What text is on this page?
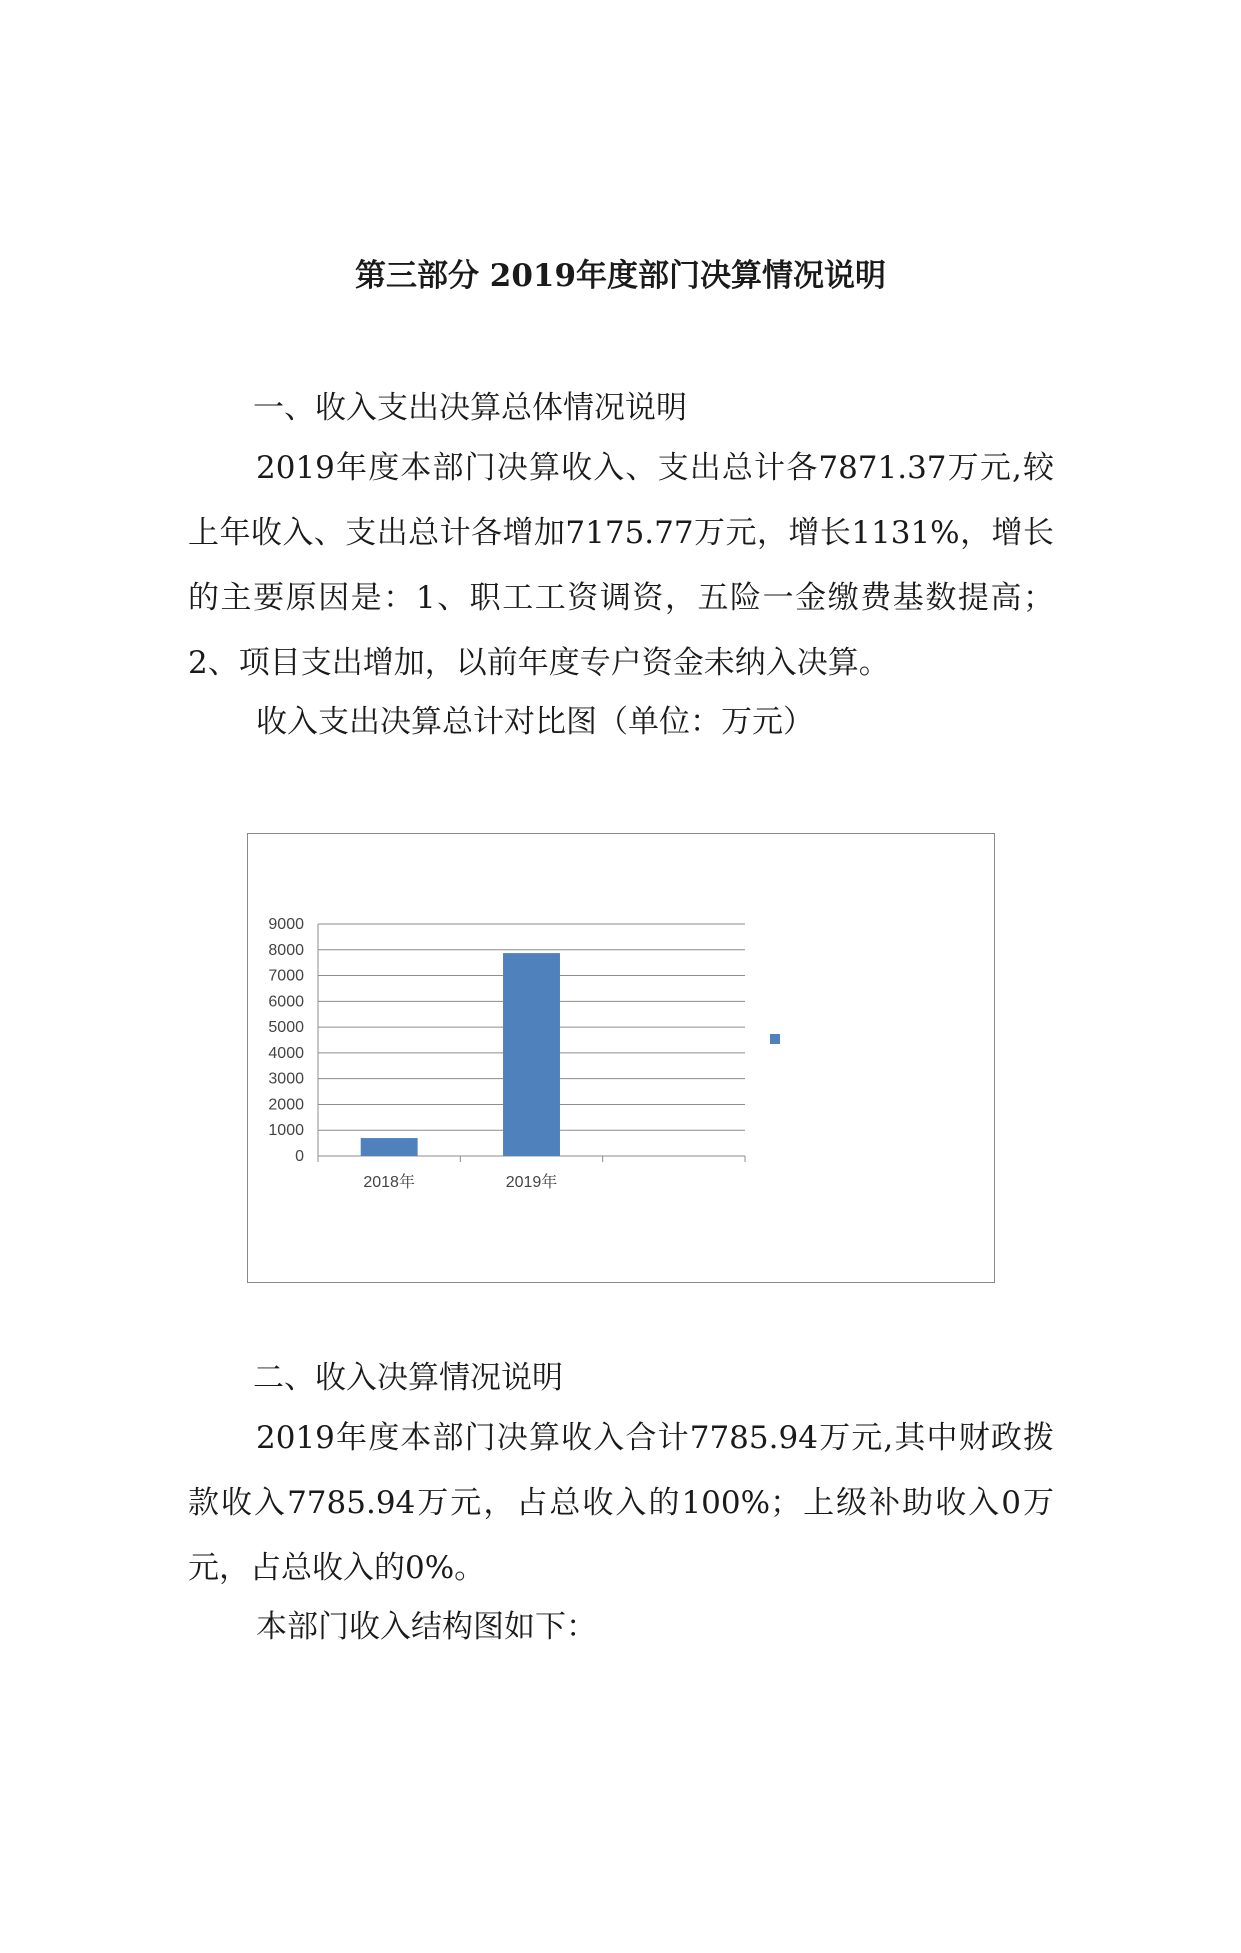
第三部分 2019年度部门决算情况说明
一、收入支出决算总体情况说明

2019年度本部门决算收入、支出总计各7871.37万元,较上年收入、支出总计各增加7175.77万元，增长1131%，增长的主要原因是：1、职工工资调资，五险一金缴费基数提高；2、项目支出增加，以前年度专户资金未纳入决算。

收入支出决算总计对比图（单位：万元）

0
1000
2000
3000
4000
5000
6000
7000
8000
9000
2018年	2019年
二、收入决算情况说明

2019年度本部门决算收入合计7785.94万元,其中财政拨款收入7785.94万元，占总收入的100%；上级补助收入0万元，占总收入的0%。

本部门收入结构图如下：
